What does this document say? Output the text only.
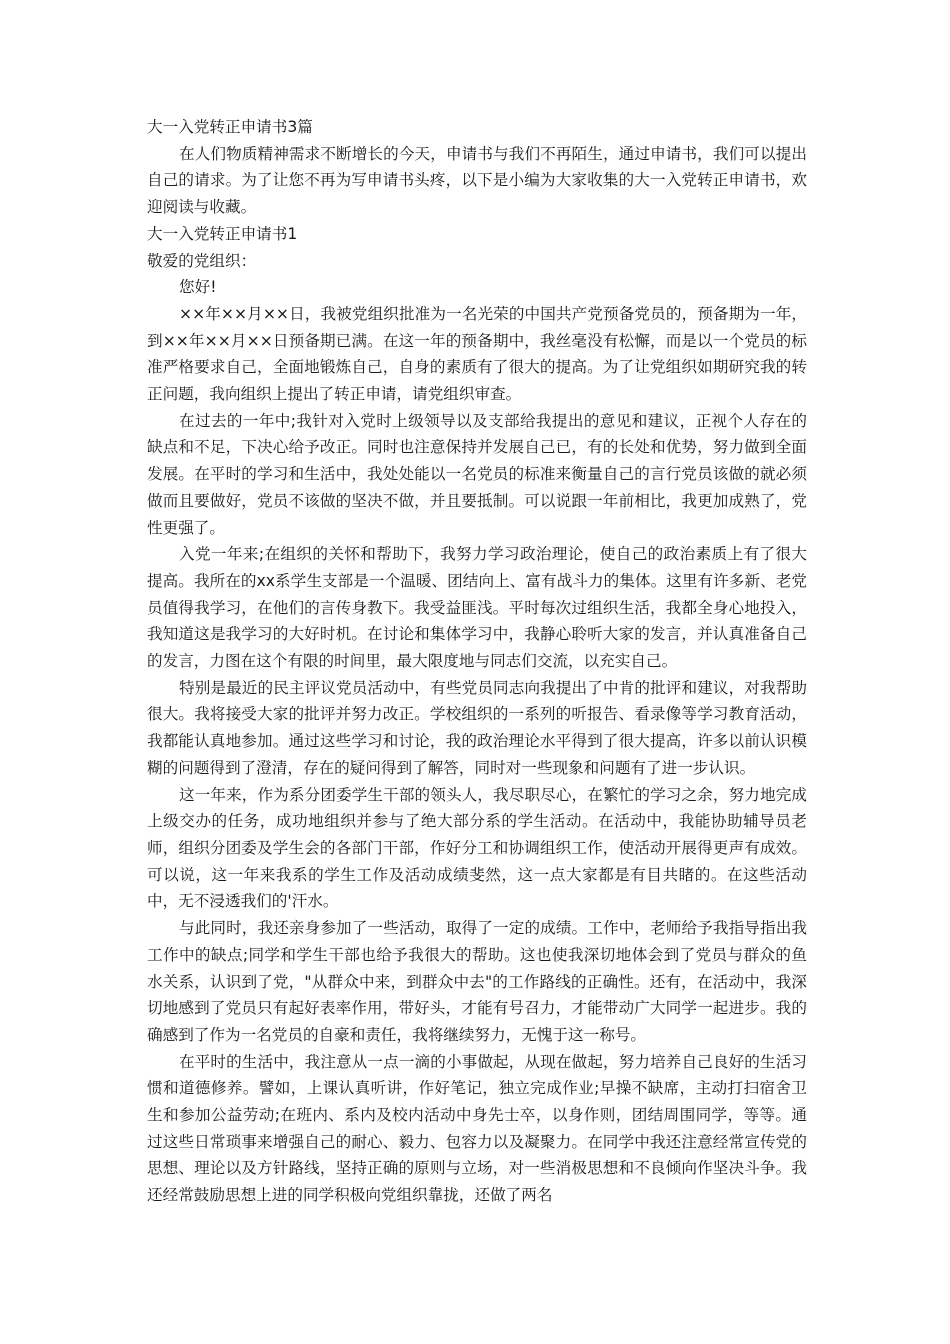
大一入党转正申请书3篇

在人们物质精神需求不断增长的今天，申请书与我们不再陌生，通过申请书，我们可以提出自己的请求。为了让您不再为写申请书头疼，以下是小编为大家收集的大一入党转正申请书，欢迎阅读与收藏。

大一入党转正申请书1

敬爱的党组织：

您好!

××年××月××日，我被党组织批准为一名光荣的中国共产党预备党员的，预备期为一年，到××年××月××日预备期已满。在这一年的预备期中，我丝毫没有松懈，而是以一个党员的标准严格要求自己，全面地锻炼自己，自身的素质有了很大的提高。为了让党组织如期研究我的转正问题，我向组织上提出了转正申请，请党组织审查。

在过去的一年中;我针对入党时上级领导以及支部给我提出的意见和建议，正视个人存在的缺点和不足，下决心给予改正。同时也注意保持并发展自己已，有的长处和优势，努力做到全面发展。在平时的学习和生活中，我处处能以一名党员的标准来衡量自己的言行党员该做的就必须做而且要做好，党员不该做的坚决不做，并且要抵制。可以说跟一年前相比，我更加成熟了，党性更强了。

入党一年来;在组织的关怀和帮助下，我努力学习政治理论，使自己的政治素质上有了很大提高。我所在的xx系学生支部是一个温暖、团结向上、富有战斗力的集体。这里有许多新、老党员值得我学习，在他们的言传身教下。我受益匪浅。平时每次过组织生活，我都全身心地投入，我知道这是我学习的大好时机。在讨论和集体学习中，我静心聆听大家的发言，并认真准备自己的发言，力图在这个有限的时间里，最大限度地与同志们交流，以充实自己。

特别是最近的民主评议党员活动中，有些党员同志向我提出了中肯的批评和建议，对我帮助很大。我将接受大家的批评并努力改正。学校组织的一系列的听报告、看录像等学习教育活动，我都能认真地参加。通过这些学习和讨论，我的政治理论水平得到了很大提高，许多以前认识模糊的问题得到了澄清，存在的疑问得到了解答，同时对一些现象和问题有了进一步认识。

这一年来，作为系分团委学生干部的领头人，我尽职尽心，在繁忙的学习之余，努力地完成上级交办的任务，成功地组织并参与了绝大部分系的学生活动。在活动中，我能协助辅导员老师，组织分团委及学生会的各部门干部，作好分工和协调组织工作，使活动开展得更声有成效。可以说，这一年来我系的学生工作及活动成绩斐然，这一点大家都是有目共睹的。在这些活动中，无不浸透我们的'汗水。

与此同时，我还亲身参加了一些活动，取得了一定的成绩。工作中，老师给予我指导指出我工作中的缺点;同学和学生干部也给予我很大的帮助。这也使我深切地体会到了党员与群众的鱼水关系，认识到了党，"从群众中来，到群众中去"的工作路线的正确性。还有，在活动中，我深切地感到了党员只有起好表率作用，带好头，才能有号召力，才能带动广大同学一起进步。我的确感到了作为一名党员的自豪和责任，我将继续努力，无愧于这一称号。

在平时的生活中，我注意从一点一滴的小事做起，从现在做起，努力培养自己良好的生活习惯和道德修养。譬如，上课认真听讲，作好笔记，独立完成作业;早操不缺席，主动打扫宿舍卫生和参加公益劳动;在班内、系内及校内活动中身先士卒，以身作则，团结周围同学，等等。通过这些日常琐事来增强自己的耐心、毅力、包容力以及凝聚力。在同学中我还注意经常宣传党的思想、理论以及方针路线，坚持正确的原则与立场，对一些消极思想和不良倾向作坚决斗争。我还经常鼓励思想上进的同学积极向党组织靠拢，还做了两名
